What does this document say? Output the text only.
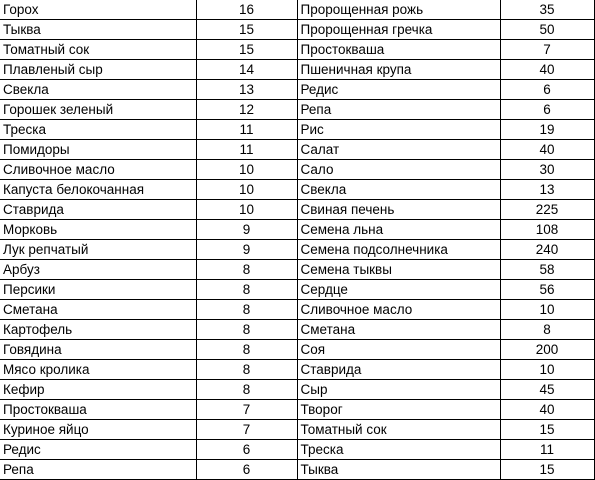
Горох	16	Пророщенная рожь	35
Тыква	15	Пророщенная гречка	50
Томатный сок	15	Простокваша	7
Плавленый сыр	14	Пшеничная крупа	40
Свекла	13	Редис	6
Горошек зеленый	12	Репа	6
Треска	11	Рис	19
Помидоры	11	Салат	40
Сливочное масло	10	Сало	30
Капуста белокочанная	10	Свекла	13
Ставрида	10	Свиная печень	225
Морковь	9	Семена льна	108
Лук репчатый	9	Семена подсолнечника	240
Арбуз	8	Семена тыквы	58
Персики	8	Сердце	56
Сметана	8	Сливочное масло	10
Картофель	8	Сметана	8
Говядина	8	Соя	200
Мясо кролика	8	Ставрида	10
Кефир	8	Сыр	45
Простокваша	7	Творог	40
Куриное яйцо	7	Томатный сок	15
Редис	6	Треска	11
Репа	6	Тыква	15
